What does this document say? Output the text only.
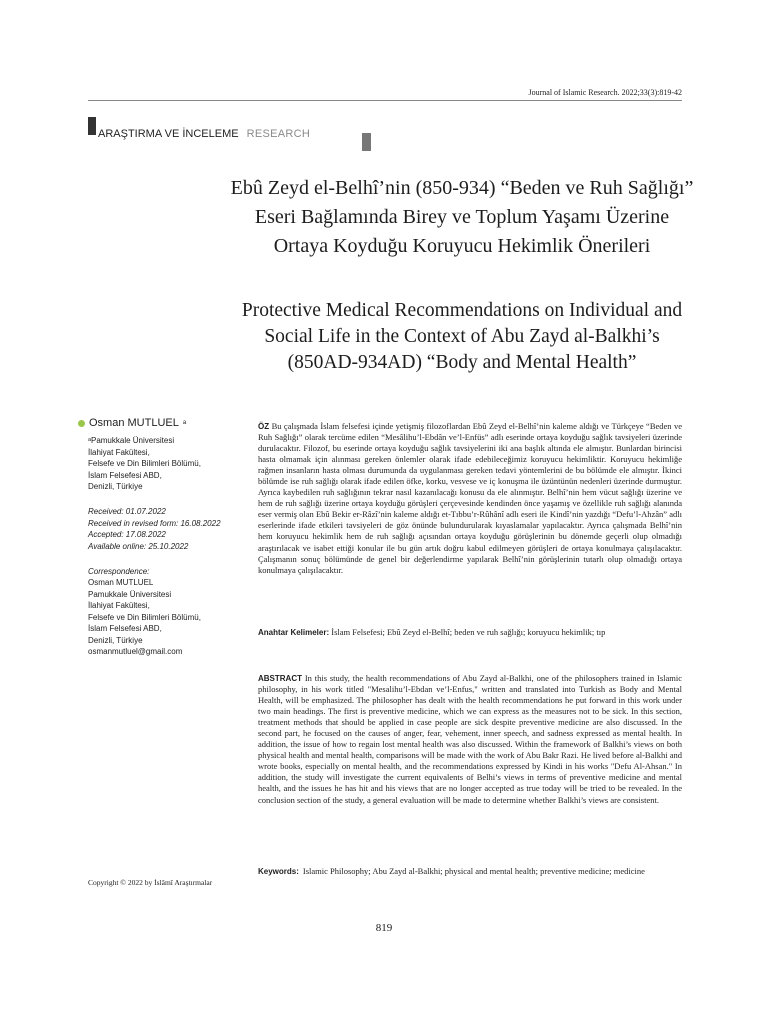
Journal of Islamic Research. 2022;33(3):819-42
ARAŞTIRMA VE İNCELEME RESEARCH
Ebû Zeyd el-Belhî’nin (850-934) “Beden ve Ruh Sağlığı” Eseri Bağlamında Birey ve Toplum Yaşamı Üzerine Ortaya Koyduğu Koruyucu Hekimlik Önerileri
Protective Medical Recommendations on Individual and Social Life in the Context of Abu Zayd al-Balkhi’s (850AD-934AD) “Body and Mental Health”
Osman MUTLUEL a
ᵃPamukkale Üniversitesi
İlahiyat Fakültesi,
Felsefe ve Din Bilimleri Bölümü,
İslam Felsefesi ABD,
Denizli, Türkiye
Received: 01.07.2022
Received in revised form: 16.08.2022
Accepted: 17.08.2022
Available online: 25.10.2022
Correspondence:
Osman MUTLUEL
Pamukkale Üniversitesi
İlahiyat Fakültesi,
Felsefe ve Din Bilimleri Bölümü,
İslam Felsefesi ABD,
Denizli, Türkiye
osmanmutluel@gmail.com
ÖZ Bu çalışmada İslam felsefesi içinde yetişmiş filozoflardan Ebû Zeyd el-Belhî’nin kaleme aldığı ve Türkçeye “Beden ve Ruh Sağlığı” olarak tercüme edilen “Mesâlihu’l-Ebdân ve’l-Enfüs” adlı eserinde ortaya koyduğu sağlık tavsiyeleri üzerinde durulacaktır. Filozof, bu eserinde ortaya koyduğu sağlık tavsiyelerini iki ana başlık altında ele almıştır. Bunlardan birincisi hasta olmamak için alınması gereken önlemler olarak ifade edebileceğimiz koruyucu hekimliktir. Koruyucu hekimliğe rağmen insanların hasta olması durumunda da uygulanması gereken tedavi yöntemlerini de bu bölümde ele almıştır. İkinci bölümde ise ruh sağlığı olarak ifade edilen öfke, korku, vesvese ve iç konuşma ile üzüntünün nedenleri üzerinde durmuştur. Ayrıca kaybedilen ruh sağlığının tekrar nasıl kazanılacağı konusu da ele alınmıştır. Belhî’nin hem vücut sağlığı üzerine ve hem de ruh sağlığı üzerine ortaya koyduğu görüşleri çerçevesinde kendinden önce yaşamış ve özellikle ruh sağlığı alanında eser vermiş olan Ebû Bekir er-Râzî’nin kaleme aldığı et-Tıbbu’r-Rûhânî adlı eseri ile Kindî’nin yazdığı “Defu’l-Ahzân” adlı eserlerinde ifade etkileri tavsiyeleri de göz önünde bulundurularak kıyaslamalar yapılacaktır. Ayrıca çalışmada Belhî’nin hem koruyucu hekimlik hem de ruh sağlığı açısından ortaya koyduğu görüşlerinin bu dönemde geçerli olup olmadığı araştırılacak ve isabet ettiği konular ile bu gün artık doğru kabul edilmeyen görüşleri de ortaya konulmaya çalışılacaktır. Çalışmanın sonuç bölümünde de genel bir değerlendirme yapılarak Belhî’nin görüşlerinin tutarlı olup olmadığı ortaya konulmaya çalışılacaktır.
Anahtar Kelimeler: İslam Felsefesi; Ebû Zeyd el-Belhî; beden ve ruh sağlığı; koruyucu hekimlik; tıp
ABSTRACT In this study, the health recommendations of Abu Zayd al-Balkhi, one of the philosophers trained in Islamic philosophy, in his work titled "Mesalihu’l-Ebdan ve’l-Enfus," written and translated into Turkish as Body and Mental Health, will be emphasized. The philosopher has dealt with the health recommendations he put forward in this work under two main headings. The first is preventive medicine, which we can express as the measures not to be sick. In this section, treatment methods that should be applied in case people are sick despite preventive medicine are also discussed. In the second part, he focused on the causes of anger, fear, vehement, inner speech, and sadness expressed as mental health. In addition, the issue of how to regain lost mental health was also discussed. Within the framework of Balkhi’s views on both physical health and mental health, comparisons will be made with the work of Abu Bakr Razi. He lived before al-Balkhi and wrote books, especially on mental health, and the recommendations expressed by Kindi in his works "Defu Al-Ahsan." In addition, the study will investigate the current equivalents of Belhi’s views in terms of preventive medicine and mental health, and the issues he has hit and his views that are no longer accepted as true today will be tried to be revealed. In the conclusion section of the study, a general evaluation will be made to determine whether Balkhi’s views are consistent.
Keywords: Islamic Philosophy; Abu Zayd al-Balkhi; physical and mental health; preventive medicine; medicine
Copyright © 2022 by İslâmî Araştırmalar
819
